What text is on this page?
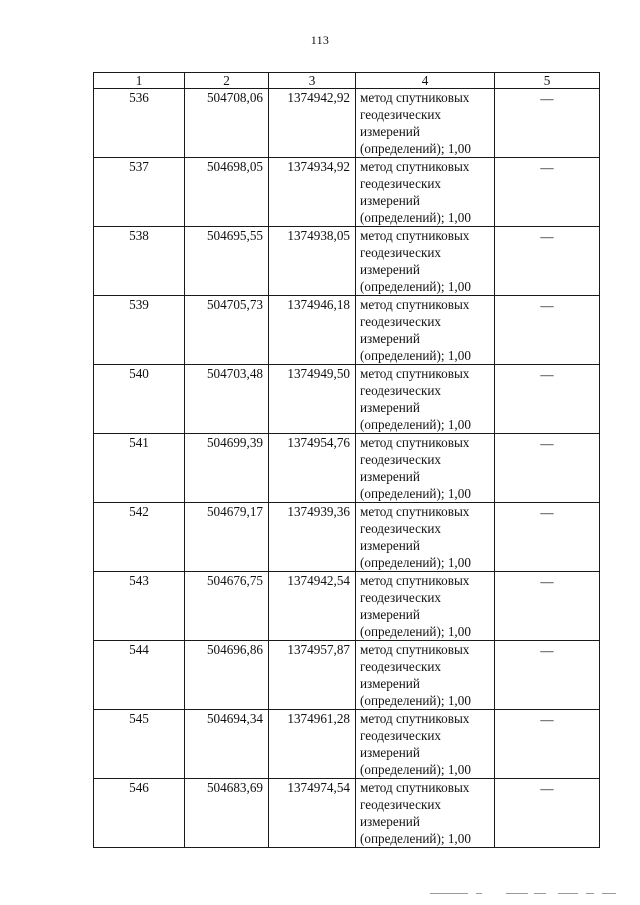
113
1	2	3	4	5
536	504708,06	1374942,92	метод спутниковых
геодезических
измерений
(определений); 1,00	—
537	504698,05	1374934,92	метод спутниковых
геодезических
измерений
(определений); 1,00	—
538	504695,55	1374938,05	метод спутниковых
геодезических
измерений
(определений); 1,00	—
539	504705,73	1374946,18	метод спутниковых
геодезических
измерений
(определений); 1,00	—
540	504703,48	1374949,50	метод спутниковых
геодезических
измерений
(определений); 1,00	—
541	504699,39	1374954,76	метод спутниковых
геодезических
измерений
(определений); 1,00	—
542	504679,17	1374939,36	метод спутниковых
геодезических
измерений
(определений); 1,00	—
543	504676,75	1374942,54	метод спутниковых
геодезических
измерений
(определений); 1,00	—
544	504696,86	1374957,87	метод спутниковых
геодезических
измерений
(определений); 1,00	—
545	504694,34	1374961,28	метод спутниковых
геодезических
измерений
(определений); 1,00	—
546	504683,69	1374974,54	метод спутниковых
геодезических
измерений
(определений); 1,00	—
